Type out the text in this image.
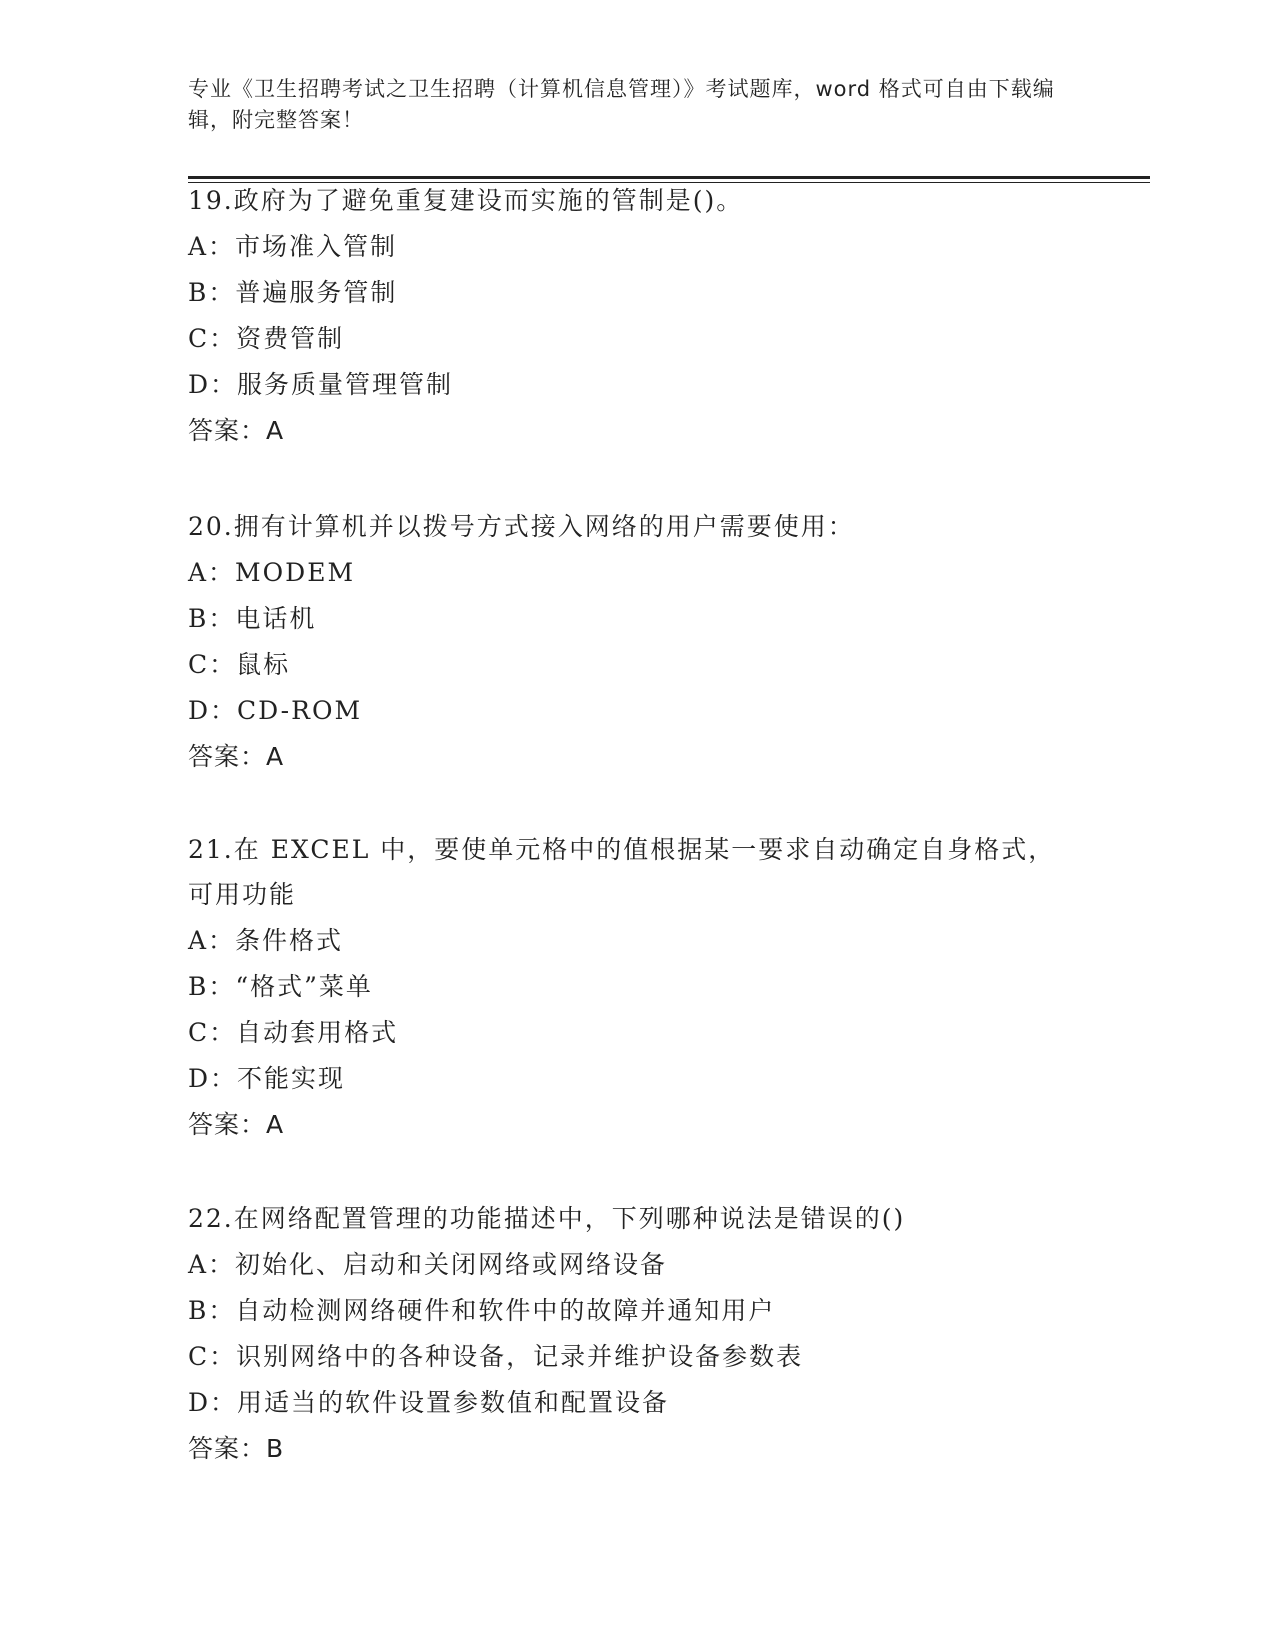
专业《卫生招聘考试之卫生招聘（计算机信息管理）》考试题库，word 格式可自由下载编辑，附完整答案！
19.政府为了避免重复建设而实施的管制是()。
A：市场准入管制
B：普遍服务管制
C：资费管制
D：服务质量管理管制
答案：A
20.拥有计算机并以拨号方式接入网络的用户需要使用：
A：MODEM
B：电话机
C：鼠标
D：CD-ROM
答案：A
21.在 EXCEL 中，要使单元格中的值根据某一要求自动确定自身格式，
可用功能
A：条件格式
B：“格式”菜单
C：自动套用格式
D：不能实现
答案：A
22.在网络配置管理的功能描述中，下列哪种说法是错误的()
A：初始化、启动和关闭网络或网络设备
B：自动检测网络硬件和软件中的故障并通知用户
C：识别网络中的各种设备，记录并维护设备参数表
D：用适当的软件设置参数值和配置设备
答案：B
